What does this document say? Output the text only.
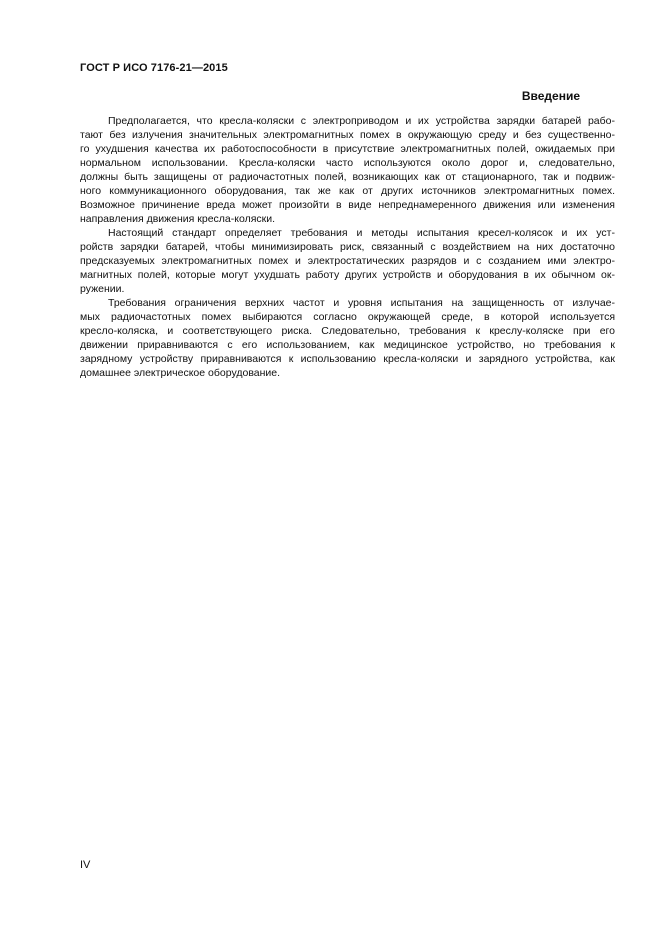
ГОСТ Р ИСО 7176-21—2015
Введение
Предполагается, что кресла-коляски с электроприводом и их устройства зарядки батарей рабо-
тают без излучения значительных электромагнитных помех в окружающую среду и без существенно-
го ухудшения качества их работоспособности в присутствие электромагнитных полей, ожидаемых при
нормальном использовании. Кресла-коляски часто используются около дорог и, следовательно,
должны быть защищены от радиочастотных полей, возникающих как от стационарного, так и подвиж-
ного коммуникационного оборудования, так же как от других источников электромагнитных помех.
Возможное причинение вреда может произойти в виде непреднамеренного движения или изменения
направления движения кресла-коляски.
Настоящий стандарт определяет требования и методы испытания кресел-колясок и их уст-
ройств зарядки батарей, чтобы минимизировать риск, связанный с воздействием на них достаточно
предсказуемых электромагнитных помех и электростатических разрядов и с созданием ими электро-
магнитных полей, которые могут ухудшать работу других устройств и оборудования в их обычном ок-
ружении.
Требования ограничения верхних частот и уровня испытания на защищенность от излучае-
мых радиочастотных помех выбираются согласно окружающей среде, в которой используется
кресло-коляска, и соответствующего риска. Следовательно, требования к креслу-коляске при его
движении приравниваются с его использованием, как медицинское устройство, но требования к
зарядному устройству приравниваются к использованию кресла-коляски и зарядного устройства, как
домашнее электрическое оборудование.
IV
